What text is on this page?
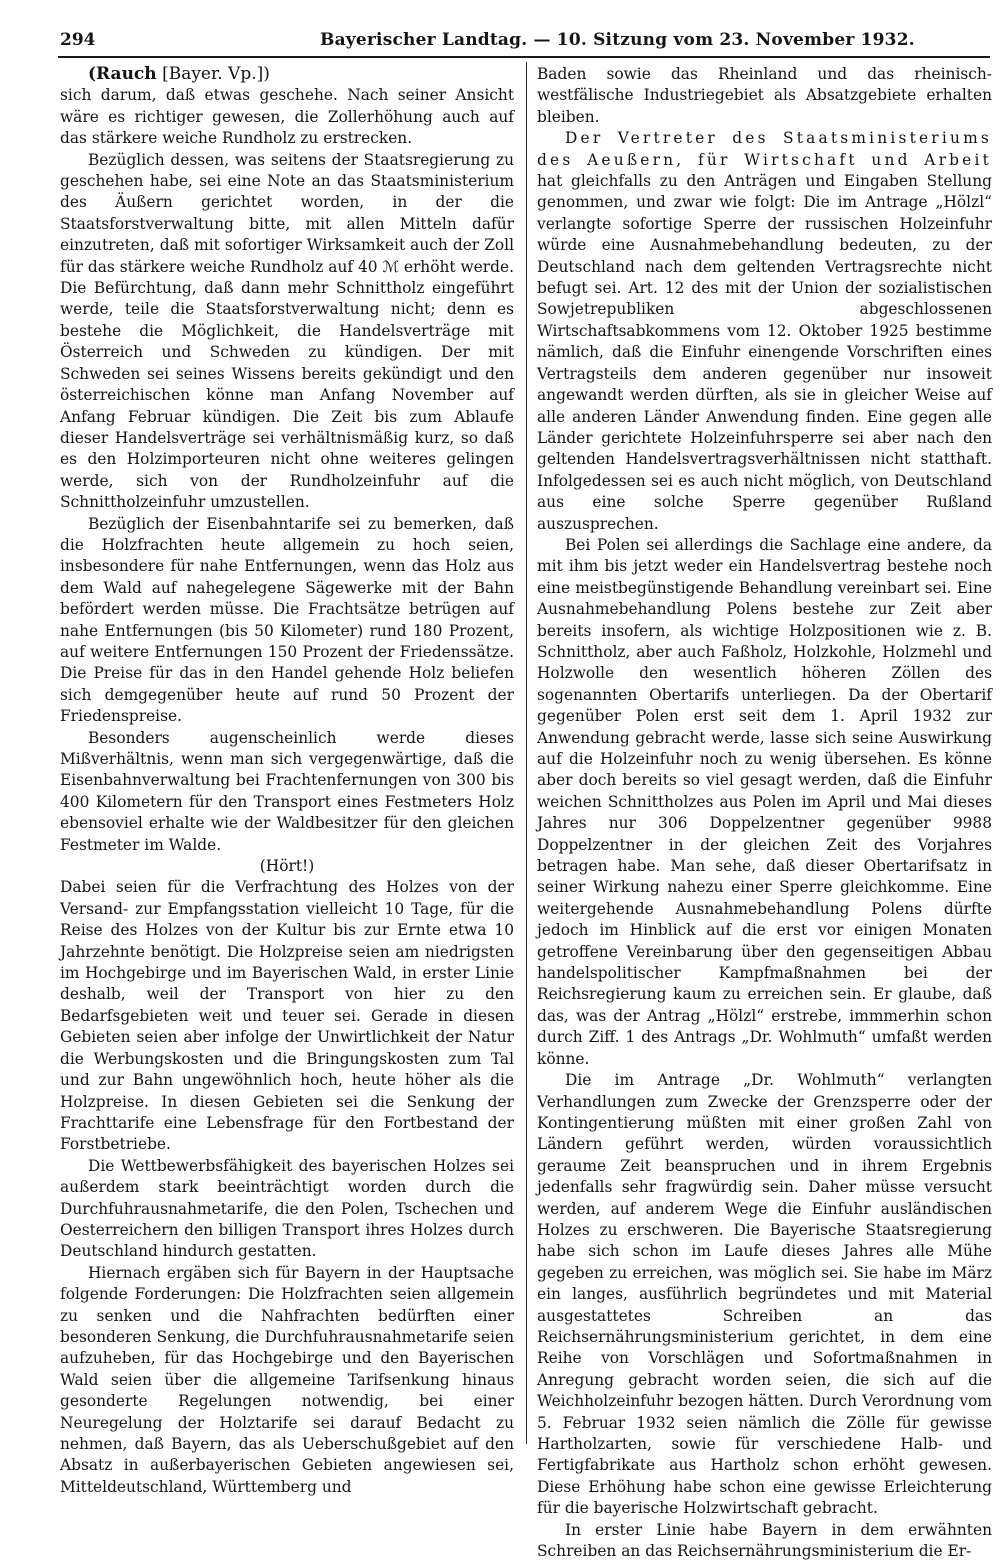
294	Bayerischer Landtag. — 10. Sitzung vom 23. November 1932.

(Rauch [Bayer. Vp.])

sich darum, daß etwas geschehe. Nach seiner Ansicht wäre es richtiger gewesen, die Zollerhöhung auch auf das stärkere weiche Rundholz zu erstrecken.

Bezüglich dessen, was seitens der Staatsregierung zu geschehen habe, sei eine Note an das Staatsministerium des Äußern gerichtet worden, in der die Staatsforstverwaltung bitte, mit allen Mitteln dafür einzutreten, daß mit sofortiger Wirksamkeit auch der Zoll für das stärkere weiche Rundholz auf 40 ℳ erhöht werde. Die Befürchtung, daß dann mehr Schnittholz eingeführt werde, teile die Staatsforstverwaltung nicht; denn es bestehe die Möglichkeit, die Handelsverträge mit Österreich und Schweden zu kündigen. Der mit Schweden sei seines Wissens bereits gekündigt und den österreichischen könne man Anfang November auf Anfang Februar kündigen. Die Zeit bis zum Ablaufe dieser Handelsverträge sei verhältnismäßig kurz, so daß es den Holzimporteuren nicht ohne weiteres gelingen werde, sich von der Rundholzeinfuhr auf die Schnittholzeinfuhr umzustellen.

Bezüglich der Eisenbahntarife sei zu bemerken, daß die Holzfrachten heute allgemein zu hoch seien, insbesondere für nahe Entfernungen, wenn das Holz aus dem Wald auf nahegelegene Sägewerke mit der Bahn befördert werden müsse. Die Frachtsätze betrügen auf nahe Entfernungen (bis 50 Kilometer) rund 180 Prozent, auf weitere Entfernungen 150 Prozent der Friedenssätze. Die Preise für das in den Handel gehende Holz beliefen sich demgegenüber heute auf rund 50 Prozent der Friedenspreise.

Besonders augenscheinlich werde dieses Mißverhältnis, wenn man sich vergegenwärtige, daß die Eisenbahnverwaltung bei Frachtenfernungen von 300 bis 400 Kilometern für den Transport eines Festmeters Holz ebensoviel erhalte wie der Waldbesitzer für den gleichen Festmeter im Walde.

(Hört!)

Dabei seien für die Verfrachtung des Holzes von der Versand- zur Empfangsstation vielleicht 10 Tage, für die Reise des Holzes von der Kultur bis zur Ernte etwa 10 Jahrzehnte benötigt. Die Holzpreise seien am niedrigsten im Hochgebirge und im Bayerischen Wald, in erster Linie deshalb, weil der Transport von hier zu den Bedarfsgebieten weit und teuer sei. Gerade in diesen Gebieten seien aber infolge der Unwirtlichkeit der Natur die Werbungskosten und die Bringungskosten zum Tal und zur Bahn ungewöhnlich hoch, heute höher als die Holzpreise. In diesen Gebieten sei die Senkung der Frachttarife eine Lebensfrage für den Fortbestand der Forstbetriebe.

Die Wettbewerbsfähigkeit des bayerischen Holzes sei außerdem stark beeinträchtigt worden durch die Durchfuhrausnahmetarife, die den Polen, Tschechen und Oesterreichern den billigen Transport ihres Holzes durch Deutschland hindurch gestatten.

Hiernach ergäben sich für Bayern in der Hauptsache folgende Forderungen: Die Holzfrachten seien allgemein zu senken und die Nahfrachten bedürften einer besonderen Senkung, die Durchfuhrausnahmetarife seien aufzuheben, für das Hochgebirge und den Bayerischen Wald seien über die allgemeine Tarifsenkung hinaus gesonderte Regelungen notwendig, bei einer Neuregelung der Holztarife sei darauf Bedacht zu nehmen, daß Bayern, das als Ueberschußgebiet auf den Absatz in außerbayerischen Gebieten angewiesen sei, Mitteldeutschland, Württemberg und

Baden sowie das Rheinland und das rheinisch-westfälische Industriegebiet als Absatzgebiete erhalten bleiben.

Der Vertreter des Staatsministeriums des Aeußern, für Wirtschaft und Arbeit hat gleichfalls zu den Anträgen und Eingaben Stellung genommen, und zwar wie folgt: Die im Antrage „Hölzl“ verlangte sofortige Sperre der russischen Holzeinfuhr würde eine Ausnahmebehandlung bedeuten, zu der Deutschland nach dem geltenden Vertragsrechte nicht befugt sei. Art. 12 des mit der Union der sozialistischen Sowjetrepubliken abgeschlossenen Wirtschaftsabkommens vom 12. Oktober 1925 bestimme nämlich, daß die Einfuhr einengende Vorschriften eines Vertragsteils dem anderen gegenüber nur insoweit angewandt werden dürften, als sie in gleicher Weise auf alle anderen Länder Anwendung finden. Eine gegen alle Länder gerichtete Holzeinfuhrsperre sei aber nach den geltenden Handelsvertragsverhältnissen nicht statthaft. Infolgedessen sei es auch nicht möglich, von Deutschland aus eine solche Sperre gegenüber Rußland auszusprechen.

Bei Polen sei allerdings die Sachlage eine andere, da mit ihm bis jetzt weder ein Handelsvertrag bestehe noch eine meistbegünstigende Behandlung vereinbart sei. Eine Ausnahmebehandlung Polens bestehe zur Zeit aber bereits insofern, als wichtige Holzpositionen wie z. B. Schnittholz, aber auch Faßholz, Holzkohle, Holzmehl und Holzwolle den wesentlich höheren Zöllen des sogenannten Obertarifs unterliegen. Da der Obertarif gegenüber Polen erst seit dem 1. April 1932 zur Anwendung gebracht werde, lasse sich seine Auswirkung auf die Holzeinfuhr noch zu wenig übersehen. Es könne aber doch bereits so viel gesagt werden, daß die Einfuhr weichen Schnittholzes aus Polen im April und Mai dieses Jahres nur 306 Doppelzentner gegenüber 9988 Doppelzentner in der gleichen Zeit des Vorjahres betragen habe. Man sehe, daß dieser Obertarifsatz in seiner Wirkung nahezu einer Sperre gleichkomme. Eine weitergehende Ausnahmebehandlung Polens dürfte jedoch im Hinblick auf die erst vor einigen Monaten getroffene Vereinbarung über den gegenseitigen Abbau handelspolitischer Kampfmaßnahmen bei der Reichsregierung kaum zu erreichen sein. Er glaube, daß das, was der Antrag „Hölzl“ erstrebe, immmerhin schon durch Ziff. 1 des Antrags „Dr. Wohlmuth“ umfaßt werden könne.

Die im Antrage „Dr. Wohlmuth“ verlangten Verhandlungen zum Zwecke der Grenzsperre oder der Kontingentierung müßten mit einer großen Zahl von Ländern geführt werden, würden voraussichtlich geraume Zeit beanspruchen und in ihrem Ergebnis jedenfalls sehr fragwürdig sein. Daher müsse versucht werden, auf anderem Wege die Einfuhr ausländischen Holzes zu erschweren. Die Bayerische Staatsregierung habe sich schon im Laufe dieses Jahres alle Mühe gegeben zu erreichen, was möglich sei. Sie habe im März ein langes, ausführlich begründetes und mit Material ausgestattetes Schreiben an das Reichsernährungsministerium gerichtet, in dem eine Reihe von Vorschlägen und Sofortmaßnahmen in Anregung gebracht worden seien, die sich auf die Weichholzeinfuhr bezogen hätten. Durch Verordnung vom 5. Februar 1932 seien nämlich die Zölle für gewisse Hartholzarten, sowie für verschiedene Halb- und Fertigfabrikate aus Hartholz schon erhöht gewesen. Diese Erhöhung habe schon eine gewisse Erleichterung für die bayerische Holzwirtschaft gebracht.

In erster Linie habe Bayern in dem erwähnten Schreiben an das Reichsernährungsministerium die Er-
